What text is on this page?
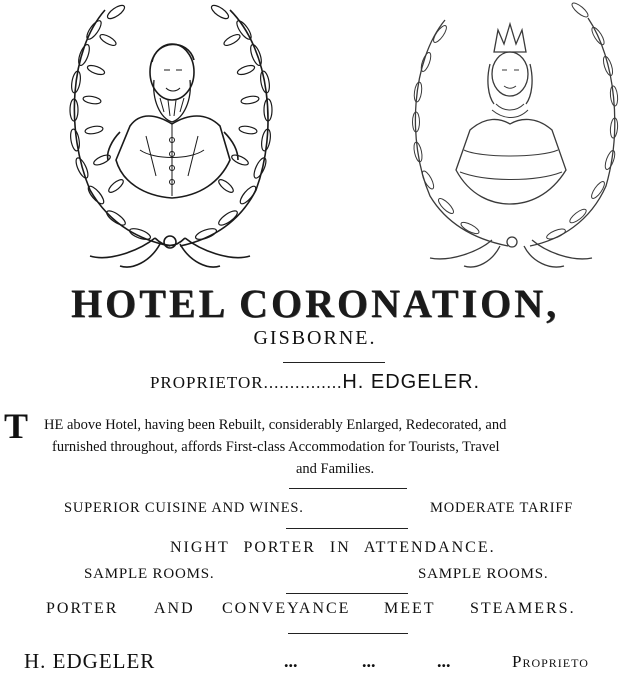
HOTEL CORONATION,
GISBORNE.
PROPRIETOR...............H. EDGELER.
T HE above Hotel, having been Rebuilt, considerably Enlarged, Redecorated, and
furnished throughout, affords First-class Accommodation for Tourists, Travel
and Families.
SUPERIOR CUISINE AND WINES.	MODERATE TARIFF
NIGHT PORTER IN ATTENDANCE.
SAMPLE ROOMS.	SAMPLE ROOMS.
PORTER AND CONVEYANCE MEET STEAMERS.
H. EDGELER	...	...	...	Proprieto
